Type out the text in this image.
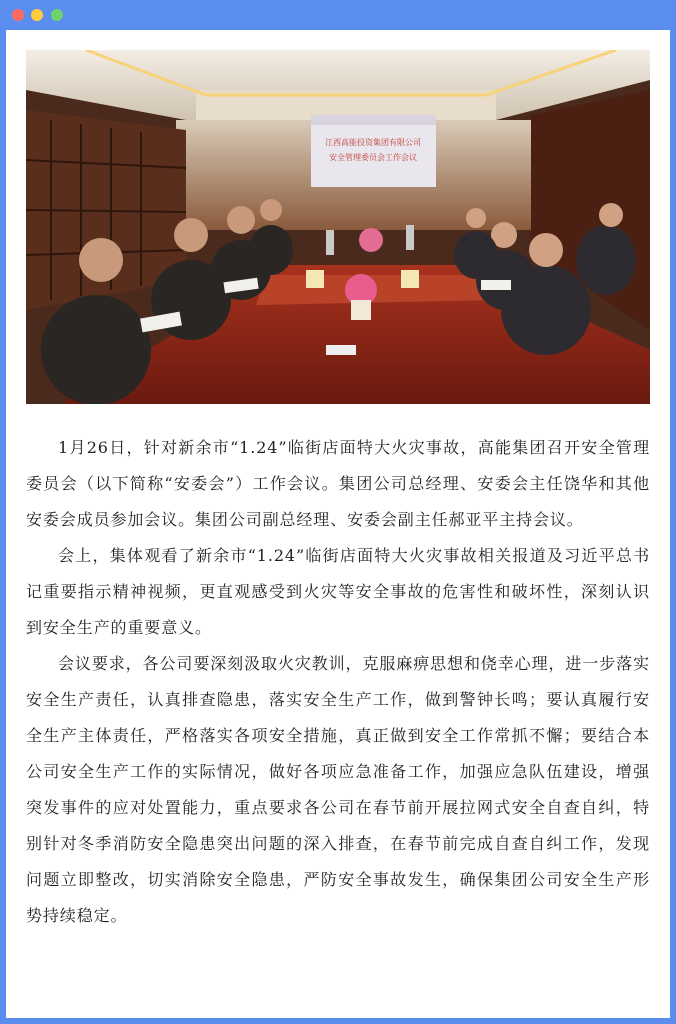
江西高能投资集团有限公司
安全管理委员会工作会议

1月26日，针对新余市“1.24”临街店面特大火灾事故，高能集团召开安全管理委员会（以下简称“安委会”）工作会议。集团公司总经理、安委会主任饶华和其他安委会成员参加会议。集团公司副总经理、安委会副主任郝亚平主持会议。

会上，集体观看了新余市“1.24”临街店面特大火灾事故相关报道及习近平总书记重要指示精神视频，更直观感受到火灾等安全事故的危害性和破坏性，深刻认识到安全生产的重要意义。

会议要求，各公司要深刻汲取火灾教训，克服麻痹思想和侥幸心理，进一步落实安全生产责任，认真排查隐患，落实安全生产工作，做到警钟长鸣；要认真履行安全生产主体责任，严格落实各项安全措施，真正做到安全工作常抓不懈；要结合本公司安全生产工作的实际情况，做好各项应急准备工作，加强应急队伍建设，增强突发事件的应对处置能力，重点要求各公司在春节前开展拉网式安全自查自纠，特别针对冬季消防安全隐患突出问题的深入排查，在春节前完成自查自纠工作，发现问题立即整改，切实消除安全隐患，严防安全事故发生，确保集团公司安全生产形势持续稳定。
